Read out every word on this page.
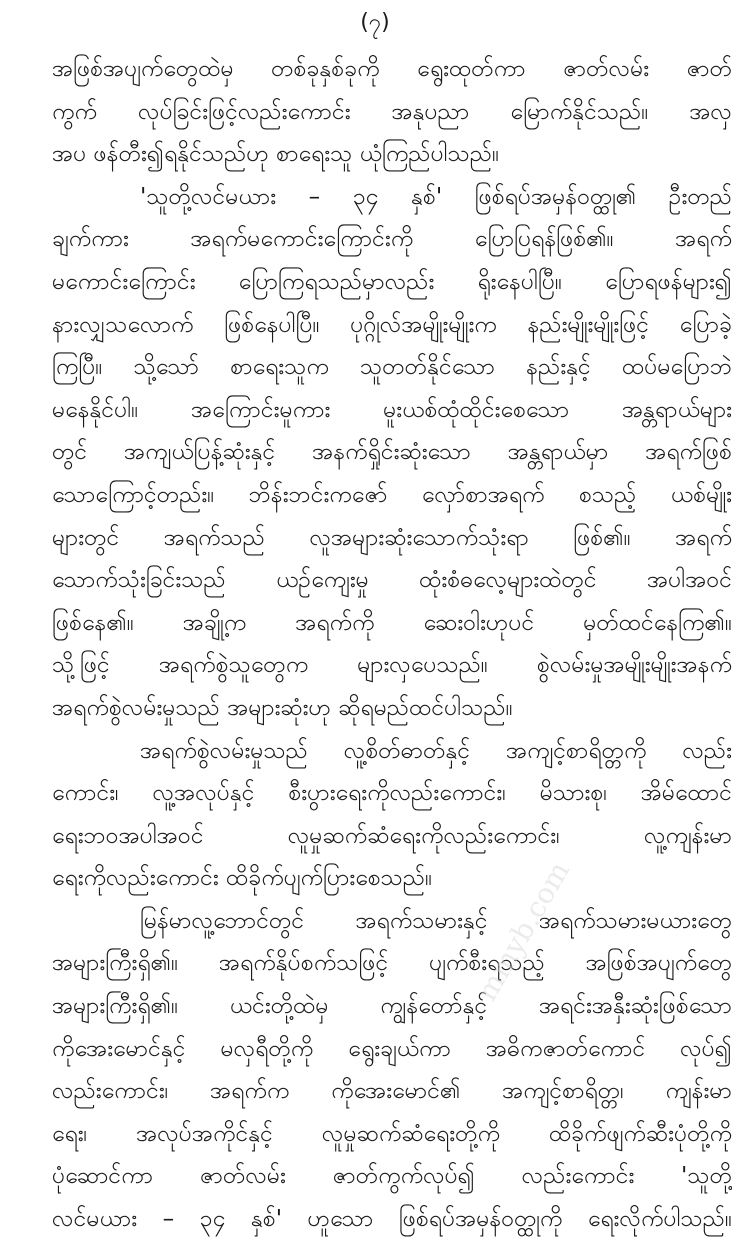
(၇)
အဖြစ်အပျက်တွေထဲမှ တစ်ခုနှစ်ခုကို ရွေးထုတ်ကာ ဇာတ်လမ်း ဇာတ်
ကွက် လုပ်ခြင်းဖြင့်လည်းကောင်း အနုပညာ မြောက်နိုင်သည်။ အလှ
အပ ဖန်တီး၍ရနိုင်သည်ဟု စာရေးသူ ယုံကြည်ပါသည်။
'သူတို့လင်မယား – ၃၄ နှစ်' ဖြစ်ရပ်အမှန်ဝတ္ထု၏ ဦးတည်
ချက်ကား အရက်မကောင်းကြောင်းကို ပြောပြရန်ဖြစ်၏။ အရက်
မကောင်းကြောင်း ပြောကြရသည်မှာလည်း ရိုးနေပါပြီ။ ပြောရဖန်များ၍
နားလျှသလောက် ဖြစ်နေပါပြီ။ ပုဂ္ဂိုလ်အမျိုးမျိုးက နည်းမျိုးမျိုးဖြင့် ပြောခဲ့
ကြပြီ။ သို့သော် စာရေးသူက သူတတ်နိုင်သော နည်းနှင့် ထပ်မပြောဘဲ
မနေနိုင်ပါ။ အကြောင်းမူကား မူးယစ်ထုံထိုင်းစေသော အန္တရာယ်များ
တွင် အကျယ်ပြန့်ဆုံးနှင့် အနက်ရှိုင်းဆုံးသော အန္တရာယ်မှာ အရက်ဖြစ်
သောကြောင့်တည်း။ ဘိန်းဘင်းကဇော် လှော်စာအရက် စသည့် ယစ်မျိုး
များတွင် အရက်သည် လူအများဆုံးသောက်သုံးရာ ဖြစ်၏။ အရက်
သောက်သုံးခြင်းသည် ယဉ်ကျေးမှု ထုံးစံဓလေ့များထဲတွင် အပါအဝင်
ဖြစ်နေ၏။ အချို့က အရက်ကို ဆေးဝါးဟုပင် မှတ်ထင်နေကြ၏။
သို့ဖြင့် အရက်စွဲသူတွေက များလှပေသည်။ စွဲလမ်းမှုအမျိုးမျိုးအနက်
အရက်စွဲလမ်းမှုသည် အများဆုံးဟု ဆိုရမည်ထင်ပါသည်။
အရက်စွဲလမ်းမှုသည် လူ့စိတ်ဓာတ်နှင့် အကျင့်စာရိတ္တကို လည်း
ကောင်း၊ လူ့အလုပ်နှင့် စီးပွားရေးကိုလည်းကောင်း၊ မိသားစု၊ အိမ်ထောင်
ရေးဘဝအပါအဝင် လူမှုဆက်ဆံရေးကိုလည်းကောင်း၊ လူ့ကျန်းမာ
ရေးကိုလည်းကောင်း ထိခိုက်ပျက်ပြားစေသည်။
မြန်မာလူ့ဘောင်တွင် အရက်သမားနှင့် အရက်သမားမယားတွေ
အများကြီးရှိ၏။ အရက်နိုပ်စက်သဖြင့် ပျက်စီးရသည့် အဖြစ်အပျက်တွေ
အများကြီးရှိ၏။ ယင်းတို့ထဲမှ ကျွန်တော်နှင့် အရင်းအနှီးဆုံးဖြစ်သော
ကိုအေးမောင်နှင့် မလှရီတို့ကို ရွေးချယ်ကာ အဓိကဇာတ်ကောင် လုပ်၍
လည်းကောင်း၊ အရက်က ကိုအေးမောင်၏ အကျင့်စာရိတ္တ၊ ကျန်းမာ
ရေး၊ အလုပ်အကိုင်နှင့် လူမှုဆက်ဆံရေးတို့ကို ထိခိုက်ဖျက်ဆီးပုံတို့ကို
ပုံဆောင်ကာ ဇာတ်လမ်း ဇာတ်ကွက်လုပ်၍ လည်းကောင်း 'သူတို့
လင်မယား – ၃၄ နှစ်' ဟူသော ဖြစ်ရပ်အမှန်ဝတ္ထုကို ရေးလိုက်ပါသည်။
mmyb.com
